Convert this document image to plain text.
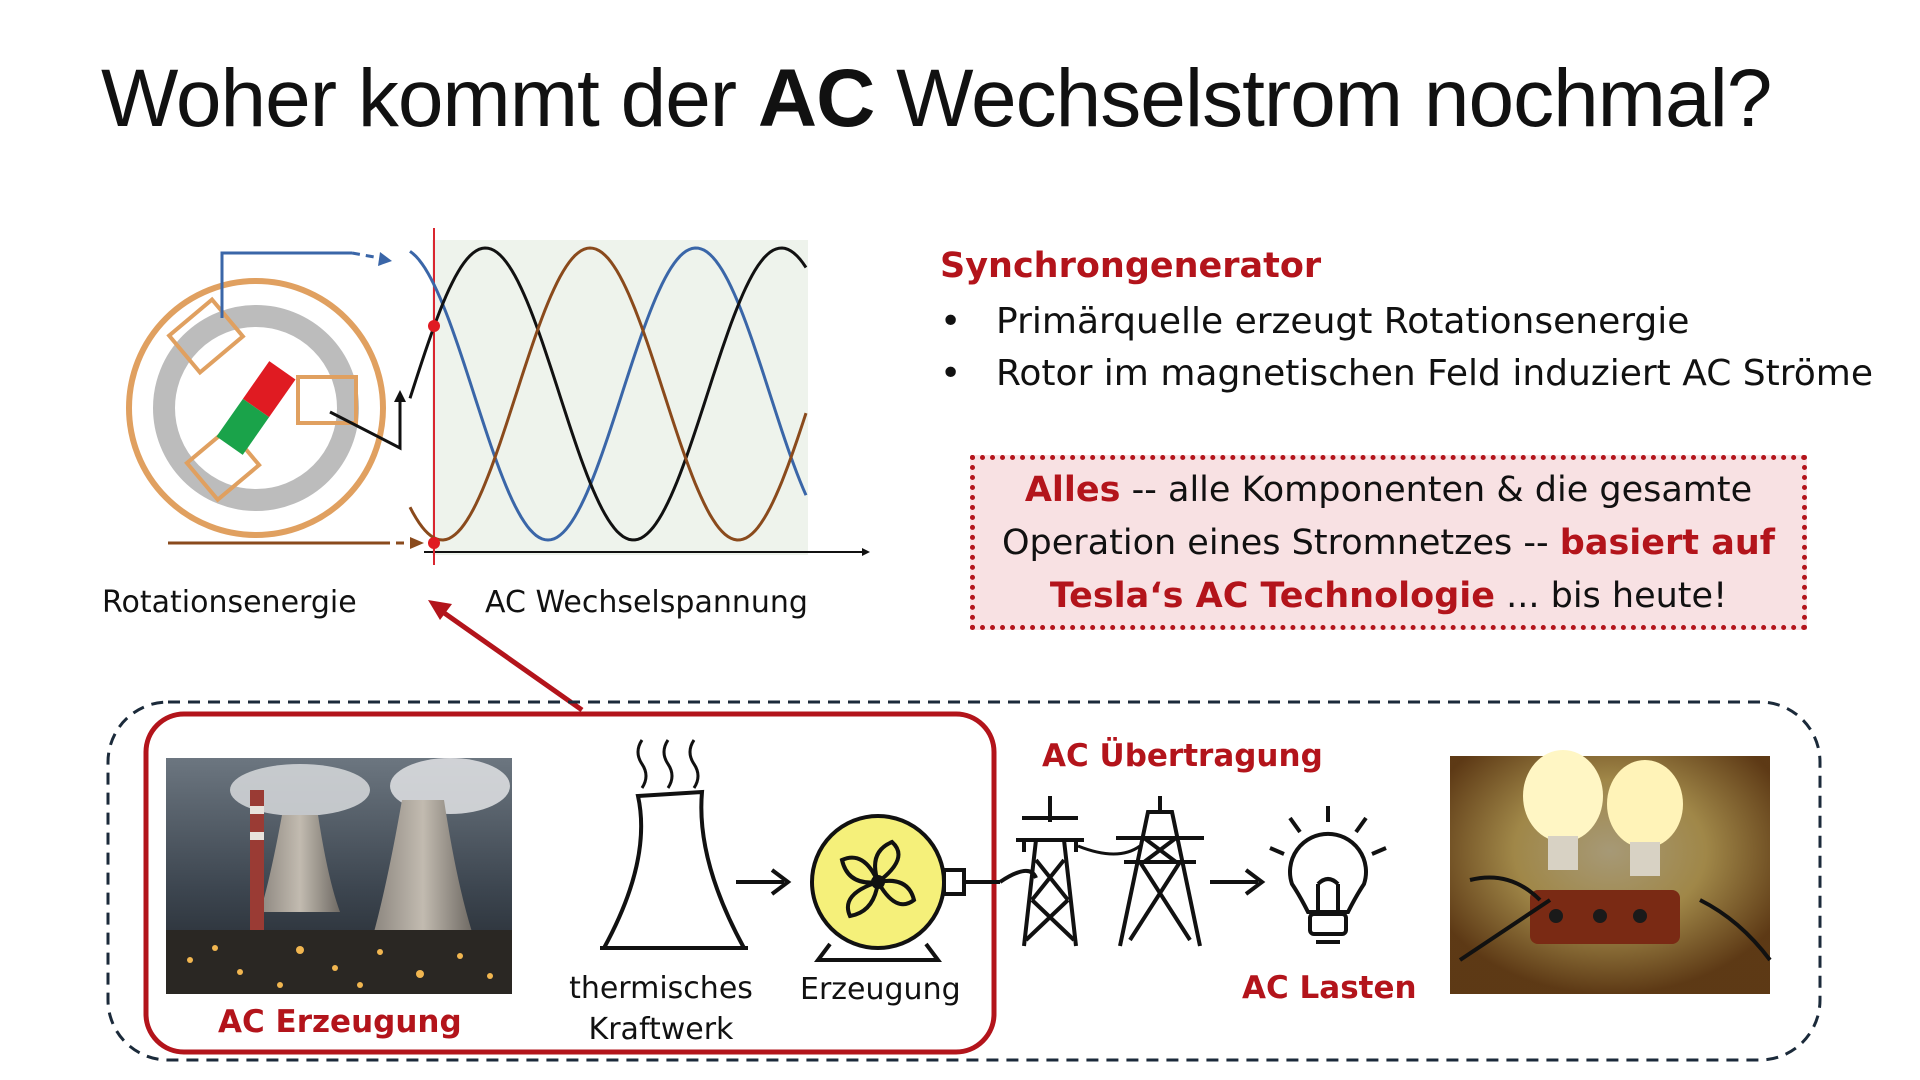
Woher kommt der AC Wechselstrom nochmal?
Rotationsenergie	AC Wechselspannung
Synchrongenerator
• Primärquelle erzeugt Rotationsenergie
• Rotor im magnetischen Feld induziert AC Ströme
Alles -- alle Komponenten & die gesamte Operation eines Stromnetzes -- basiert auf Tesla‘s AC Technologie ... bis heute!
AC Erzeugung
thermisches
Kraftwerk
Erzeugung
AC Übertragung
AC Lasten
